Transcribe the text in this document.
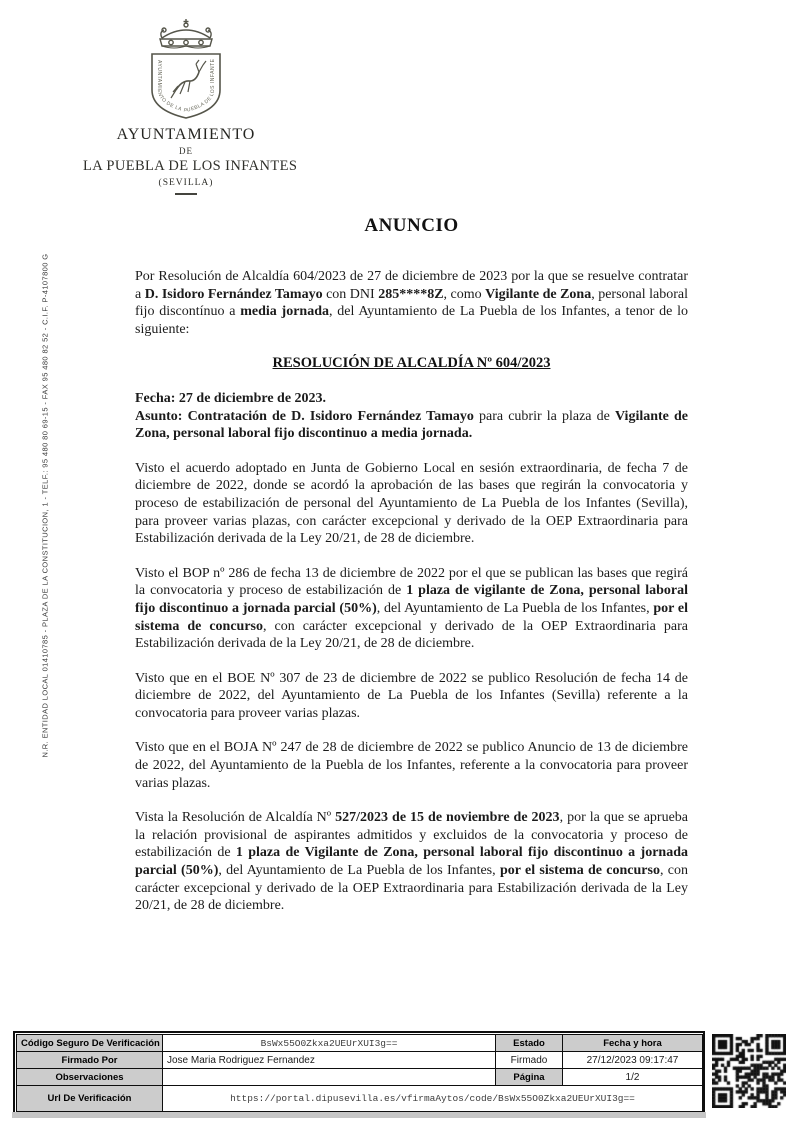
N.R. ENTIDAD LOCAL 01410785 - PLAZA DE LA CONSTITUCION, 1 - TELF.: 95 480 80 69-15 - FAX 95 480 82 52 - C.I.F. P-4107800 G
AYUNTAMIENTO DE LA PUEBLA DE LOS INFANTES
AYUNTAMIENTO
DE
LA PUEBLA DE LOS INFANTES
(SEVILLA)
ANUNCIO

Por Resolución de Alcaldía 604/2023 de 27 de diciembre de 2023 por la que se resuelve contratar a D. Isidoro Fernández Tamayo con DNI 285****8Z, como Vigilante de Zona, personal laboral fijo discontínuo a media jornada, del Ayuntamiento de La Puebla de los Infantes, a tenor de lo siguiente:

RESOLUCIÓN DE ALCALDÍA Nº 604/2023

Fecha: 27 de diciembre de 2023.

Asunto: Contratación de D. Isidoro Fernández Tamayo para cubrir la plaza de Vigilante de Zona, personal laboral fijo discontinuo a media jornada.

Visto el acuerdo adoptado en Junta de Gobierno Local en sesión extraordinaria, de fecha 7 de diciembre de 2022, donde se acordó la aprobación de las bases que regirán la convocatoria y proceso de estabilización de personal del Ayuntamiento de La Puebla de los Infantes (Sevilla), para proveer varias plazas, con carácter excepcional y derivado de la OEP Extraordinaria para Estabilización derivada de la Ley 20/21, de 28 de diciembre.

Visto el BOP nº 286 de fecha 13 de diciembre de 2022 por el que se publican las bases que regirá la convocatoria y proceso de estabilización de 1 plaza de vigilante de Zona, personal laboral fijo discontinuo a jornada parcial (50%), del Ayuntamiento de La Puebla de los Infantes, por el sistema de concurso, con carácter excepcional y derivado de la OEP Extraordinaria para Estabilización derivada de la Ley 20/21, de 28 de diciembre.

Visto que en el BOE Nº 307 de 23 de diciembre de 2022 se publico Resolución de fecha 14 de diciembre de 2022, del Ayuntamiento de La Puebla de los Infantes (Sevilla) referente a la convocatoria para proveer varias plazas.

Visto que en el BOJA Nº 247 de 28 de diciembre de 2022 se publico Anuncio de 13 de diciembre de 2022, del Ayuntamiento de la Puebla de los Infantes, referente a la convocatoria para proveer varias plazas.

Vista la Resolución de Alcaldía Nº 527/2023 de 15 de noviembre de 2023, por la que se aprueba la relación provisional de aspirantes admitidos y excluidos de la convocatoria y proceso de estabilización de 1 plaza de Vigilante de Zona, personal laboral fijo discontinuo a jornada parcial (50%), del Ayuntamiento de La Puebla de los Infantes, por el sistema de concurso, con carácter excepcional y derivado de la OEP Extraordinaria para Estabilización derivada de la Ley 20/21, de 28 de diciembre.

Código Seguro De Verificación	BsWx55O0Zkxa2UEUrXUI3g==	Estado	Fecha y hora
Firmado Por	Jose Maria Rodriguez Fernandez	Firmado	27/12/2023 09:17:47
Observaciones		Página	1/2
Url De Verificación	https://portal.dipusevilla.es/vfirmaAytos/code/BsWx55O0Zkxa2UEUrXUI3g==		
